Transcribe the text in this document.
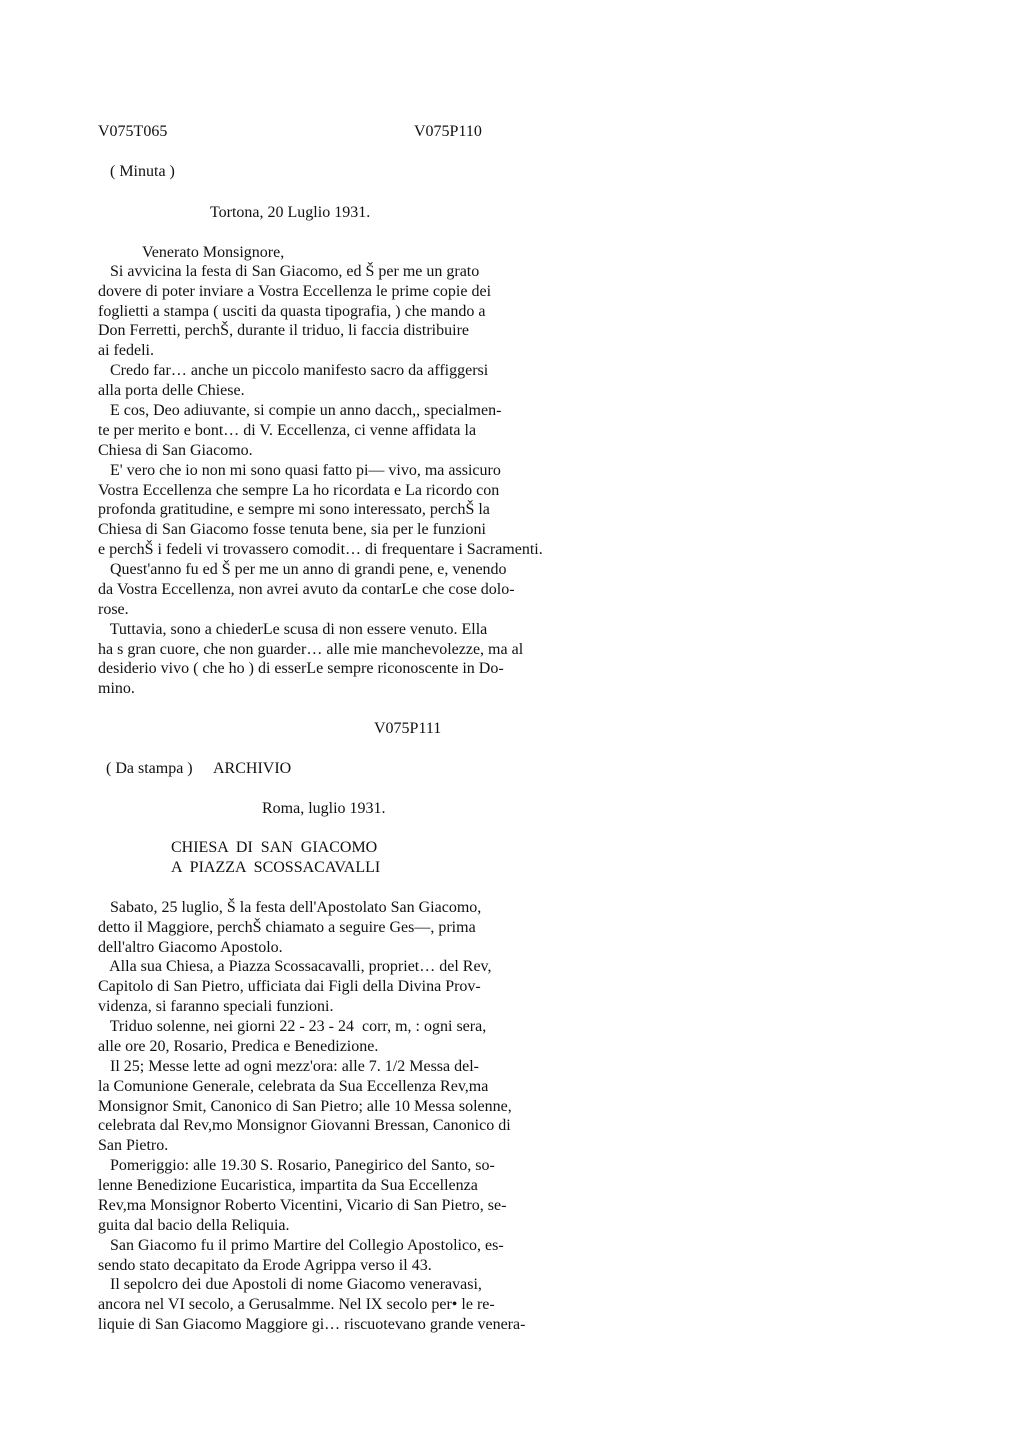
V075T065	V075P110

( Minuta )

Tortona, 20 Luglio 1931.

Venerato Monsignore,

Si avvicina la festa di San Giacomo, ed Š per me un grato

dovere di poter inviare a Vostra Eccellenza le prime copie dei

foglietti a stampa ( usciti da quasta tipografia, ) che mando a

Don Ferretti, perchŠ, durante il triduo, li faccia distribuire

ai fedeli.

Credo far… anche un piccolo manifesto sacro da affiggersi

alla porta delle Chiese.

E cos, Deo adiuvante, si compie un anno dacch,, specialmen-

te per merito e bont… di V. Eccellenza, ci venne affidata la

Chiesa di San Giacomo.

E' vero che io non mi sono quasi fatto pi— vivo, ma assicuro

Vostra Eccellenza che sempre La ho ricordata e La ricordo con

profonda gratitudine, e sempre mi sono interessato, perchŠ la

Chiesa di San Giacomo fosse tenuta bene, sia per le funzioni

e perchŠ i fedeli vi trovassero comodit… di frequentare i Sacramenti.

Quest'anno fu ed Š per me un anno di grandi pene, e, venendo

da Vostra Eccellenza, non avrei avuto da contarLe che cose dolo-

rose.

Tuttavia, sono a chiederLe scusa di non essere venuto. Ella

ha s gran cuore, che non guarder… alle mie manchevolezze, ma al

desiderio vivo ( che ho ) di esserLe sempre riconoscente in Do-

mino.

V075P111

( Da stampa ) ARCHIVIO

Roma, luglio 1931.

CHIESA  DI  SAN  GIACOMO

A  PIAZZA  SCOSSACAVALLI

Sabato, 25 luglio, Š la festa dell'Apostolato San Giacomo,

detto il Maggiore, perchŠ chiamato a seguire Ges—, prima

dell'altro Giacomo Apostolo.

Alla sua Chiesa, a Piazza Scossacavalli, propriet… del Rev,

Capitolo di San Pietro, ufficiata dai Figli della Divina Prov-

videnza, si faranno speciali funzioni.

Triduo solenne, nei giorni 22 - 23 - 24  corr, m, : ogni sera,

alle ore 20, Rosario, Predica e Benedizione.

Il 25; Messe lette ad ogni mezz'ora: alle 7. 1/2 Messa del-

la Comunione Generale, celebrata da Sua Eccellenza Rev,ma

Monsignor Smit, Canonico di San Pietro; alle 10 Messa solenne,

celebrata dal Rev,mo Monsignor Giovanni Bressan, Canonico di

San Pietro.

Pomeriggio: alle 19.30 S. Rosario, Panegirico del Santo, so-

lenne Benedizione Eucaristica, impartita da Sua Eccellenza

Rev,ma Monsignor Roberto Vicentini, Vicario di San Pietro, se-

guita dal bacio della Reliquia.

San Giacomo fu il primo Martire del Collegio Apostolico, es-

sendo stato decapitato da Erode Agrippa verso il 43.

Il sepolcro dei due Apostoli di nome Giacomo veneravasi,

ancora nel VI secolo, a Gerusalmme. Nel IX secolo per• le re-

liquie di San Giacomo Maggiore gi… riscuotevano grande venera-
